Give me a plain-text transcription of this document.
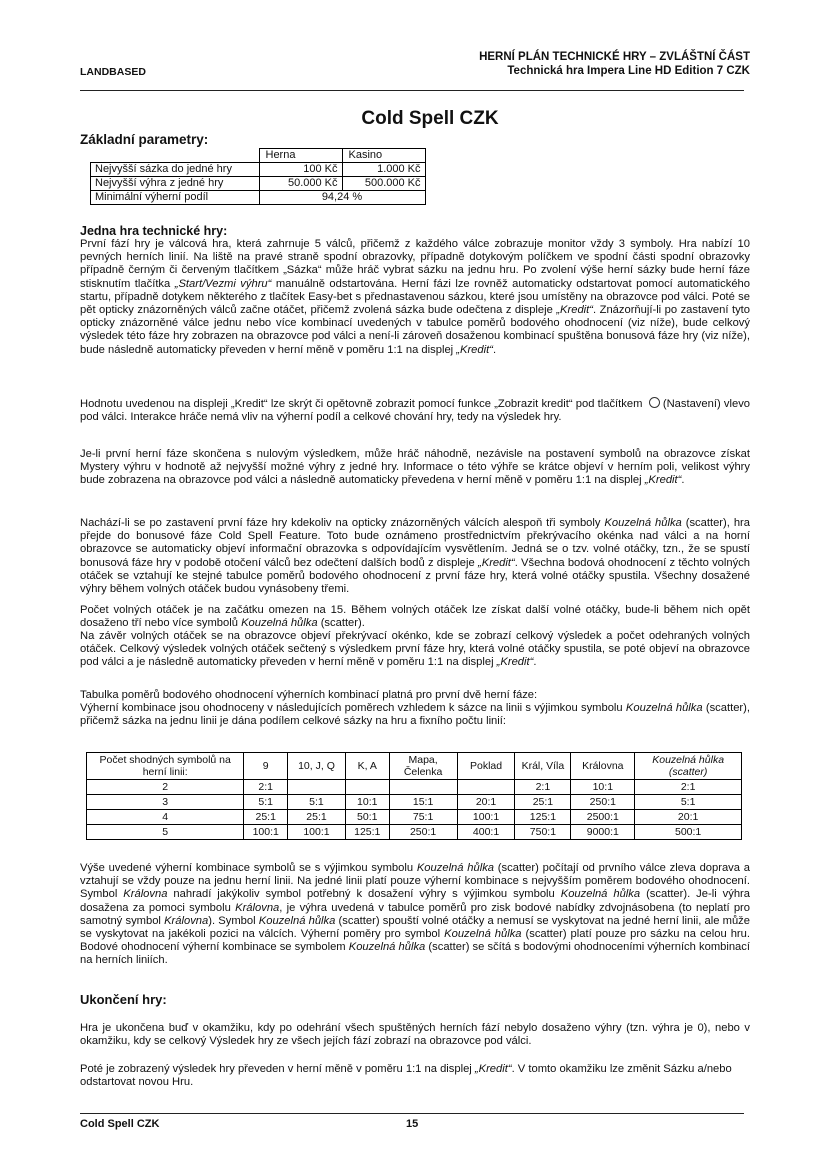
LANDBASED
HERNÍ PLÁN TECHNICKÉ HRY – ZVLÁŠTNÍ ČÁST
Technická hra Impera Line HD Edition 7 CZK
Cold Spell CZK
Základní parametry:
	Herna	Kasino
Nejvyšší sázka do jedné hry	100 Kč	1.000 Kč
Nejvyšší výhra z jedné hry	50.000 Kč	500.000 Kč
Minimální výherní podíl	94,24 %	
Jedna hra technické hry:
První fází hry je válcová hra, která zahrnuje 5 válců, přičemž z každého válce zobrazuje monitor vždy 3 symboly. Hra nabízí 10 pevných herních linií. Na liště na pravé straně spodní obrazovky, případně dotykovým políčkem ve spodní části spodní obrazovky případně černým či červeným tlačítkem „Sázka“ může hráč vybrat sázku na jednu hru. Po zvolení výše herní sázky bude herní fáze stisknutím tlačítka „Start/Vezmi výhru“ manuálně odstartována. Herní fázi lze rovněž automaticky odstartovat pomocí automatického startu, případně dotykem některého z tlačítek Easy-bet s přednastavenou sázkou, které jsou umístěny na obrazovce pod válci. Poté se pět opticky znázorněných válců začne otáčet, přičemž zvolená sázka bude odečtena z displeje „Kredit“. Znázorňují-li po zastavení tyto opticky znázorněné válce jednu nebo více kombinací uvedených v tabulce poměrů bodového ohodnocení (viz níže), bude celkový výsledek této fáze hry zobrazen na obrazovce pod válci a není-li zároveň dosaženou kombinací spuštěna bonusová fáze hry (viz níže), bude následně automaticky převeden v herní měně v poměru 1:1 na displej „Kredit“.
Hodnotu uvedenou na displeji „Kredit“ lze skrýt či opětovně zobrazit pomocí funkce „Zobrazit kredit“ pod tlačítkem (Nastavení) vlevo pod válci. Interakce hráče nemá vliv na výherní podíl a celkové chování hry, tedy na výsledek hry.
Je-li první herní fáze skončena s nulovým výsledkem, může hráč náhodně, nezávisle na postavení symbolů na obrazovce získat Mystery výhru v hodnotě až nejvyšší možné výhry z jedné hry. Informace o této výhře se krátce objeví v herním poli, velikost výhry bude zobrazena na obrazovce pod válci a následně automaticky převedena v herní měně v poměru 1:1 na displej „Kredit“.
Nachází-li se po zastavení první fáze hry kdekoliv na opticky znázorněných válcích alespoň tři symboly Kouzelná hůlka (scatter), hra přejde do bonusové fáze Cold Spell Feature. Toto bude oznámeno prostřednictvím překrývacího okénka nad válci a na horní obrazovce se automaticky objeví informační obrazovka s odpovídajícím vysvětlením. Jedná se o tzv. volné otáčky, tzn., že se spustí bonusová fáze hry v podobě otočení válců bez odečtení dalších bodů z displeje „Kredit“. Všechna bodová ohodnocení z těchto volných otáček se vztahují ke stejné tabulce poměrů bodového ohodnocení z první fáze hry, která volné otáčky spustila. Všechny dosažené výhry během volných otáček budou vynásobeny třemi.
Počet volných otáček je na začátku omezen na 15. Během volných otáček lze získat další volné otáčky, bude-li během nich opět dosaženo tří nebo více symbolů Kouzelná hůlka (scatter).
Na závěr volných otáček se na obrazovce objeví překrývací okénko, kde se zobrazí celkový výsledek a počet odehraných volných otáček. Celkový výsledek volných otáček sečtený s výsledkem první fáze hry, která volné otáčky spustila, se poté objeví na obrazovce pod válci a je následně automaticky převeden v herní měně v poměru 1:1 na displej „Kredit“.
Tabulka poměrů bodového ohodnocení výherních kombinací platná pro první dvě herní fáze:
Výherní kombinace jsou ohodnoceny v následujících poměrech vzhledem k sázce na linii s výjimkou symbolu Kouzelná hůlka (scatter), přičemž sázka na jednu linii je dána podílem celkové sázky na hru a fixního počtu linií:
Počet shodných symbolů na herní linii:	9	10, J, Q	K, A	Mapa, Čelenka	Poklad	Král, Víla	Královna	Kouzelná hůlka (scatter)
2	2:1					2:1	10:1	2:1
3	5:1	5:1	10:1	15:1	20:1	25:1	250:1	5:1
4	25:1	25:1	50:1	75:1	100:1	125:1	2500:1	20:1
5	100:1	100:1	125:1	250:1	400:1	750:1	9000:1	500:1
Výše uvedené výherní kombinace symbolů se s výjimkou symbolu Kouzelná hůlka (scatter) počítají od prvního válce zleva doprava a vztahují se vždy pouze na jednu herní linii. Na jedné linii platí pouze výherní kombinace s nejvyšším poměrem bodového ohodnocení. Symbol Královna nahradí jakýkoliv symbol potřebný k dosažení výhry s výjimkou symbolu Kouzelná hůlka (scatter). Je-li výhra dosažena za pomoci symbolu Královna, je výhra uvedená v tabulce poměrů pro zisk bodové nabídky zdvojnásobena (to neplatí pro samotný symbol Královna). Symbol Kouzelná hůlka (scatter) spouští volné otáčky a nemusí se vyskytovat na jedné herní linii, ale může se vyskytovat na jakékoli pozici na válcích. Výherní poměry pro symbol Kouzelná hůlka (scatter) platí pouze pro sázku na celou hru. Bodové ohodnocení výherní kombinace se symbolem Kouzelná hůlka (scatter) se sčítá s bodovými ohodnoceními výherních kombinací na herních liniích.
Ukončení hry:
Hra je ukončena buď v okamžiku, kdy po odehrání všech spuštěných herních fází nebylo dosaženo výhry (tzn. výhra je 0), nebo v okamžiku, kdy se celkový Výsledek hry ze všech jejích fází zobrazí na obrazovce pod válci.
Poté je zobrazený výsledek hry převeden v herní měně v poměru 1:1 na displej „Kredit“. V tomto okamžiku lze změnit Sázku a/nebo odstartovat novou Hru.
Cold Spell CZK	15
